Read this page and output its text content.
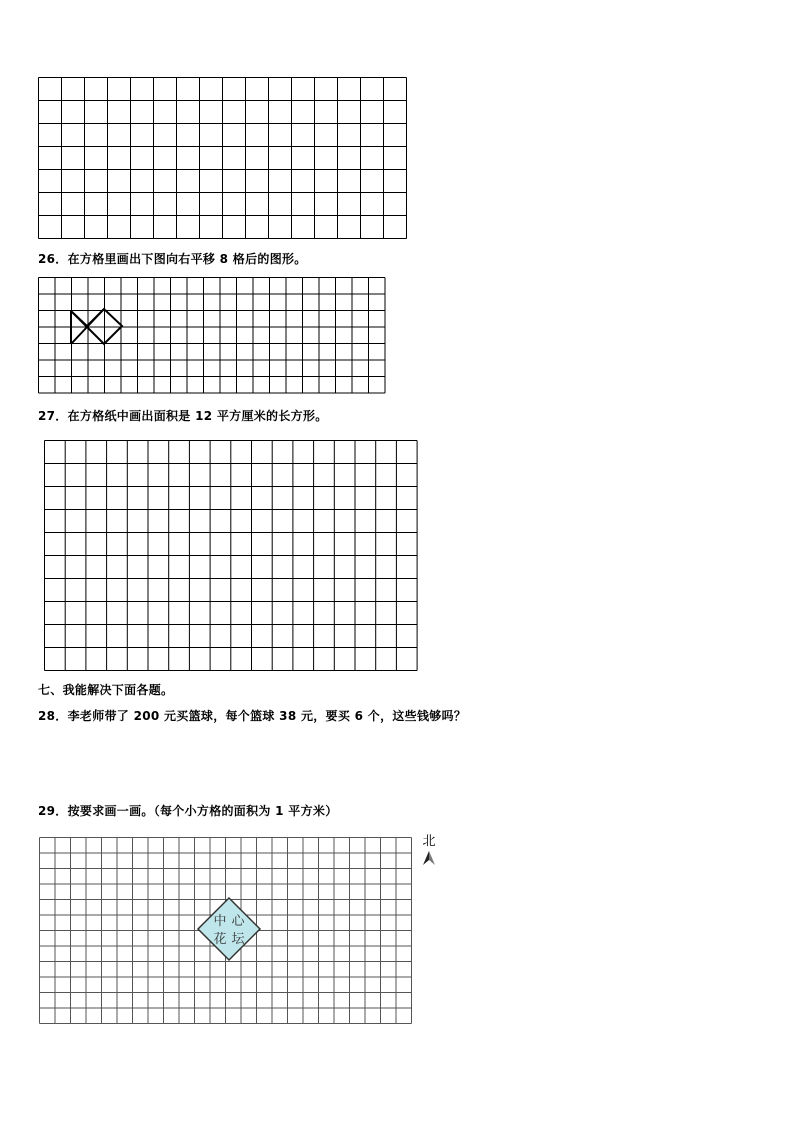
26．在方格里画出下图向右平移 8 格后的图形。
27．在方格纸中画出面积是 12 平方厘米的长方形。
七、我能解决下面各题。
28．李老师带了 200 元买篮球，每个篮球 38 元，要买 6 个，这些钱够吗？
29．按要求画一画。（每个小方格的面积为 1 平方米）
中 心
花 坛
北
